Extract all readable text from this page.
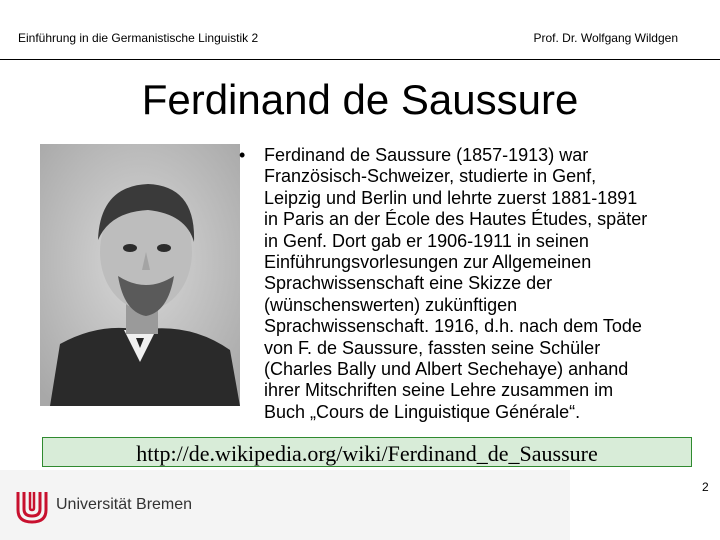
Einführung in die Germanistische Linguistik 2	Prof. Dr. Wolfgang Wildgen
Ferdinand de Saussure
• Ferdinand de Saussure (1857-1913) war
Französisch-Schweizer, studierte in Genf,
Leipzig und Berlin und lehrte zuerst 1881-1891
in Paris an der École des Hautes Études, später
in Genf. Dort gab er 1906-1911 in seinen
Einführungsvorlesungen zur Allgemeinen
Sprachwissenschaft eine Skizze der
(wünschenswerten) zukünftigen
Sprachwissenschaft. 1916, d.h. nach dem Tode
von F. de Saussure, fassten seine Schüler
(Charles Bally und Albert Sechehaye) anhand
ihrer Mitschriften seine Lehre zusammen im
Buch „Cours de Linguistique Générale“.
http://de.wikipedia.org/wiki/Ferdinand_de_Saussure
Universität Bremen
2
